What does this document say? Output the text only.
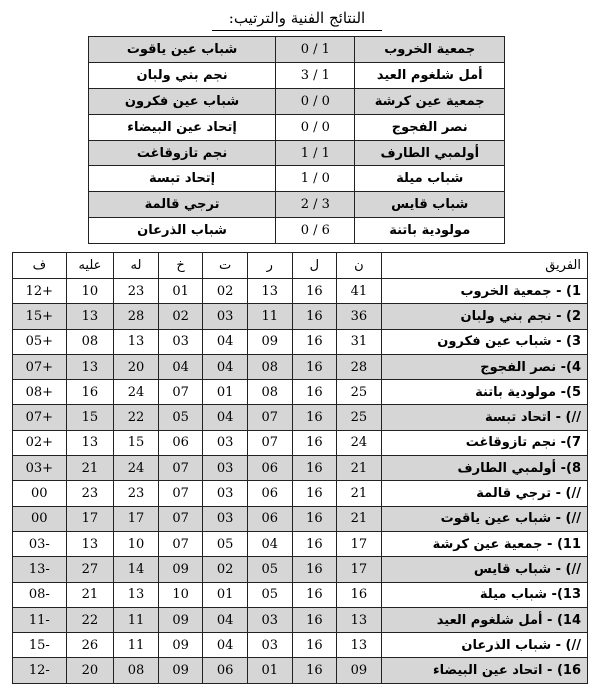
النتائج الفنية والترتيب:
شباب عين ياقوت	0 / 1	جمعية الخروب
نجم بني ولبان	3 / 1	أمل شلغوم العيد
شباب عين فكرون	0 / 0	جمعية عين كرشة
إتحاد عين البيضاء	0 / 0	نصر الفجوج
نجم تازوقاغت	1 / 1	أولمبي الطارف
إتحاد تبسة	1 / 0	شباب ميلة
ترجي قالمة	2 / 3	شباب قايس
شباب الذرعان	0 / 6	مولودية باتنة
ف	عليه	له	خ	ت	ر	ل	ن	الفريق
12+	10	23	01	02	13	16	41	1) - جمعية الخروب
15+	13	28	02	03	11	16	36	2) - نجم بني ولبان
05+	08	13	03	04	09	16	31	3) - شباب عين فكرون
07+	13	20	04	04	08	16	28	4)- نصر الفجوج
08+	16	24	07	01	08	16	25	5)- مولودية باتنة
07+	15	22	05	04	07	16	25	//) - اتحاد تبسة
02+	13	15	06	03	07	16	24	7)- نجم تازوقاغت
03+	21	24	07	03	06	16	21	8)- أولمبي الطارف
00	23	23	07	03	06	16	21	//) - ترجي قالمة
00	17	17	07	03	06	16	21	//) - شباب عين ياقوت
03-	13	10	07	05	04	16	17	11) - جمعية عين كرشة
13-	27	14	09	02	05	16	17	//) - شباب قايس
08-	21	13	10	01	05	16	16	13)- شباب ميلة
11-	22	11	09	04	03	16	13	14) - أمل شلغوم العيد
15-	26	11	09	04	03	16	13	//) - شباب الذرعان
12-	20	08	09	06	01	16	09	16) - اتحاد عين البيضاء
